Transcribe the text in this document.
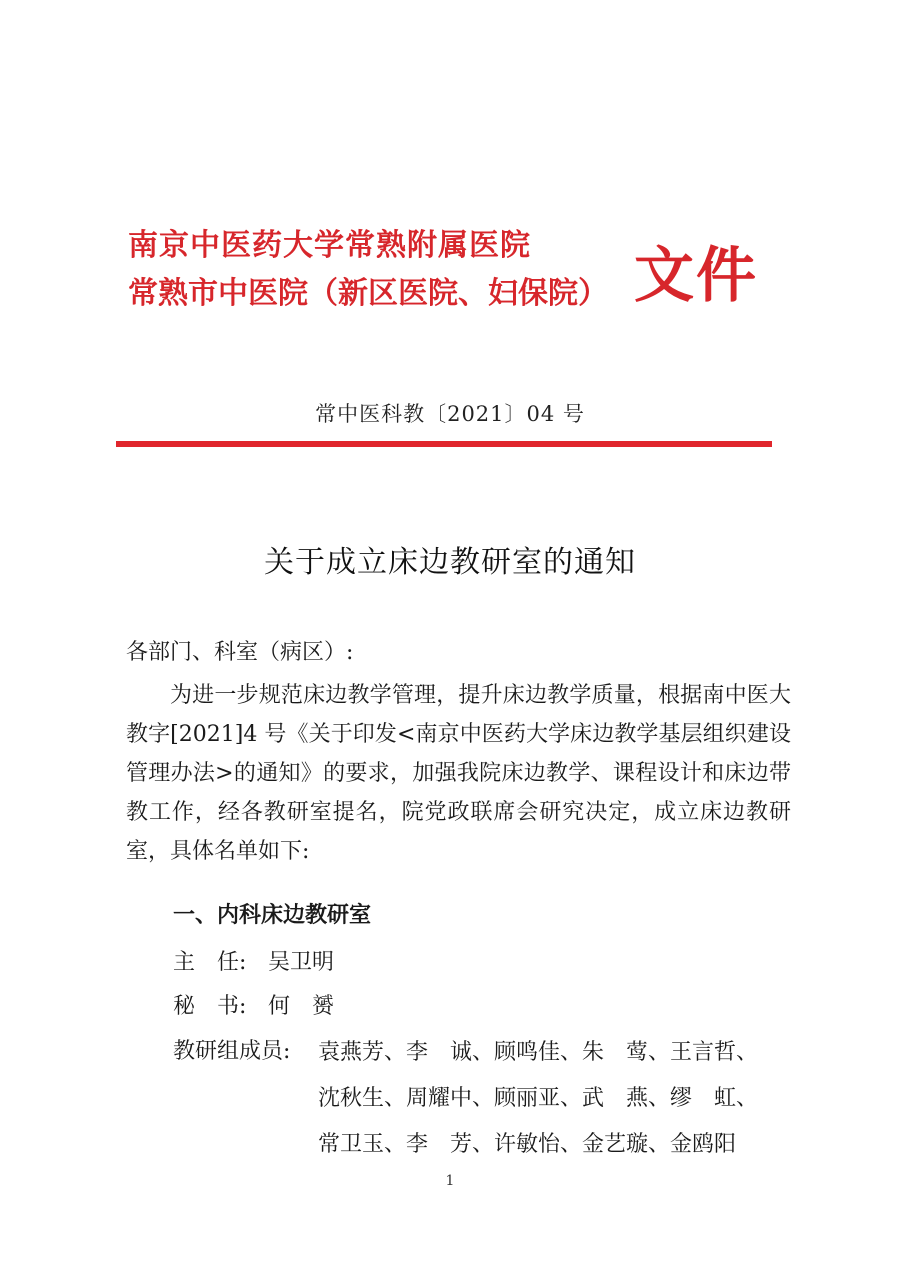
南京中医药大学常熟附属医院
常熟市中医院（新区医院、妇保院） 文件
常中医科教〔2021〕04 号
关于成立床边教研室的通知
各部门、科室（病区）:

为进一步规范床边教学管理，提升床边教学质量，根据南中医大教字[2021]4 号《关于印发<南京中医药大学床边教学基层组织建设管理办法>的通知》的要求，加强我院床边教学、课程设计和床边带教工作，经各教研室提名，院党政联席会研究决定，成立床边教研室，具体名单如下:

一、内科床边教研室
主　任: 吴卫明
秘　书: 何　赟
教研组成员: 袁燕芳、李　诚、顾鸣佳、朱　莺、王言哲、
沈秋生、周耀中、顾丽亚、武　燕、缪　虹、
常卫玉、李　芳、许敏怡、金艺璇、金鸥阳
1
